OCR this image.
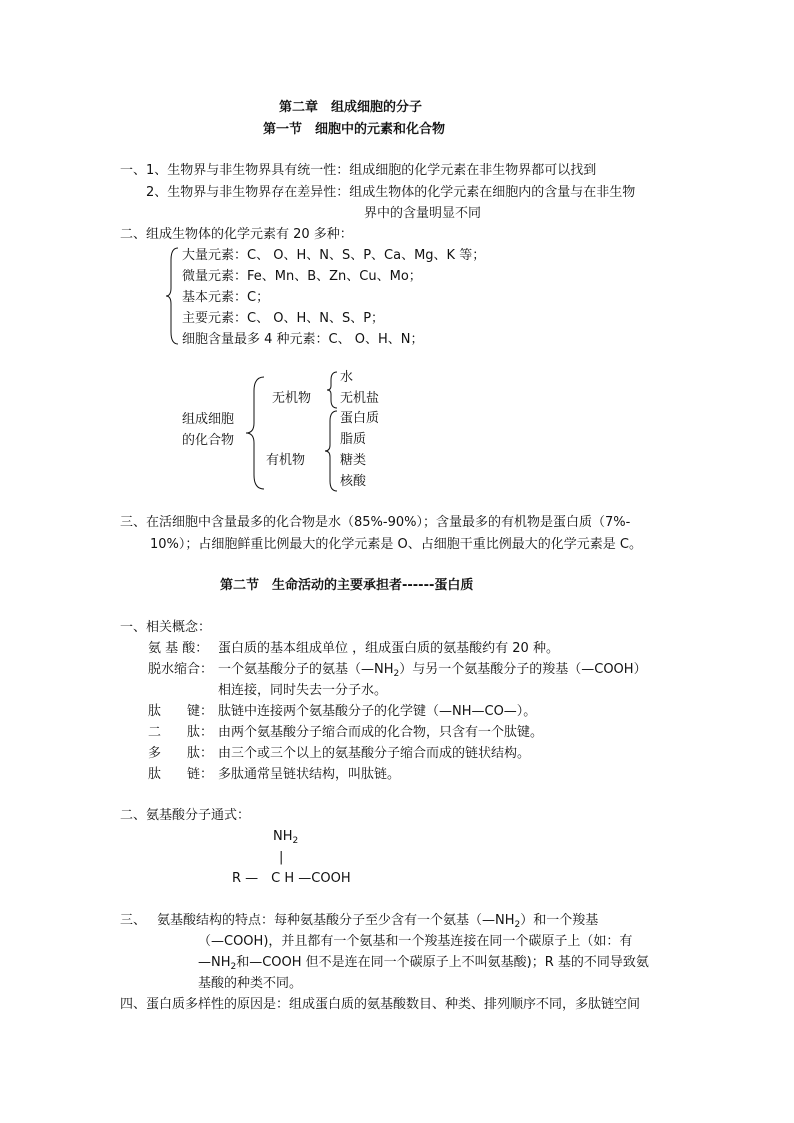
第二章　组成细胞的分子
第一节　细胞中的元素和化合物
一、 1、生物界与非生物界具有统一性：组成细胞的化学元素在非生物界都可以找到
2、生物界与非生物界存在差异性：组成生物体的化学元素在细胞内的含量与在非生物
界中的含量明显不同
二、组成生物体的化学元素有 20 多种：
大量元素：C、 O、H、N、S、P、Ca、Mg、K 等；
微量元素：Fe、Mn、B、Zn、Cu、Mo；
基本元素：C；
主要元素：C、 O、H、N、S、P；
细胞含量最多 4 种元素：C、 O、H、N；
组成细胞
的化合物
无机物
水
无机盐
有机物
蛋白质
脂质
糖类
核酸
三、在活细胞中含量最多的化合物是水（85%-90%）；含量最多的有机物是蛋白质（7%-
10%）；占细胞鲜重比例最大的化学元素是 O、占细胞干重比例最大的化学元素是 C。
第二节　生命活动的主要承担者------蛋白质
一、相关概念：
氨 基 酸： 蛋白质的基本组成单位 ，组成蛋白质的氨基酸约有 20 种。
脱水缩合： 一个氨基酸分子的氨基$(—NH_2)$与另一个氨基酸分子的羧基（—COOH）
相连接，同时失去一分子水。
肽　　键： 肽链中连接两个氨基酸分子的化学键（—NH—CO—）。
二　　肽： 由两个氨基酸分子缩合而成的化合物，只含有一个肽键。
多　　肽： 由三个或三个以上的氨基酸分子缩合而成的链状结构。
肽　　链： 多肽通常呈链状结构，叫肽链。
二、氨基酸分子通式：
$NH_2$
|
R —　C H —COOH
三、 氨基酸结构的特点：每种氨基酸分子至少含有一个氨基$(—NH_2)$和一个羧基
（—COOH)，并且都有一个氨基和一个羧基连接在同一个碳原子上（如：有
$—NH_2$和—COOH 但不是连在同一个碳原子上不叫氨基酸)；R 基的不同导致氨
基酸的种类不同。
四、蛋白质多样性的原因是：组成蛋白质的氨基酸数目、种类、排列顺序不同，多肽链空间
